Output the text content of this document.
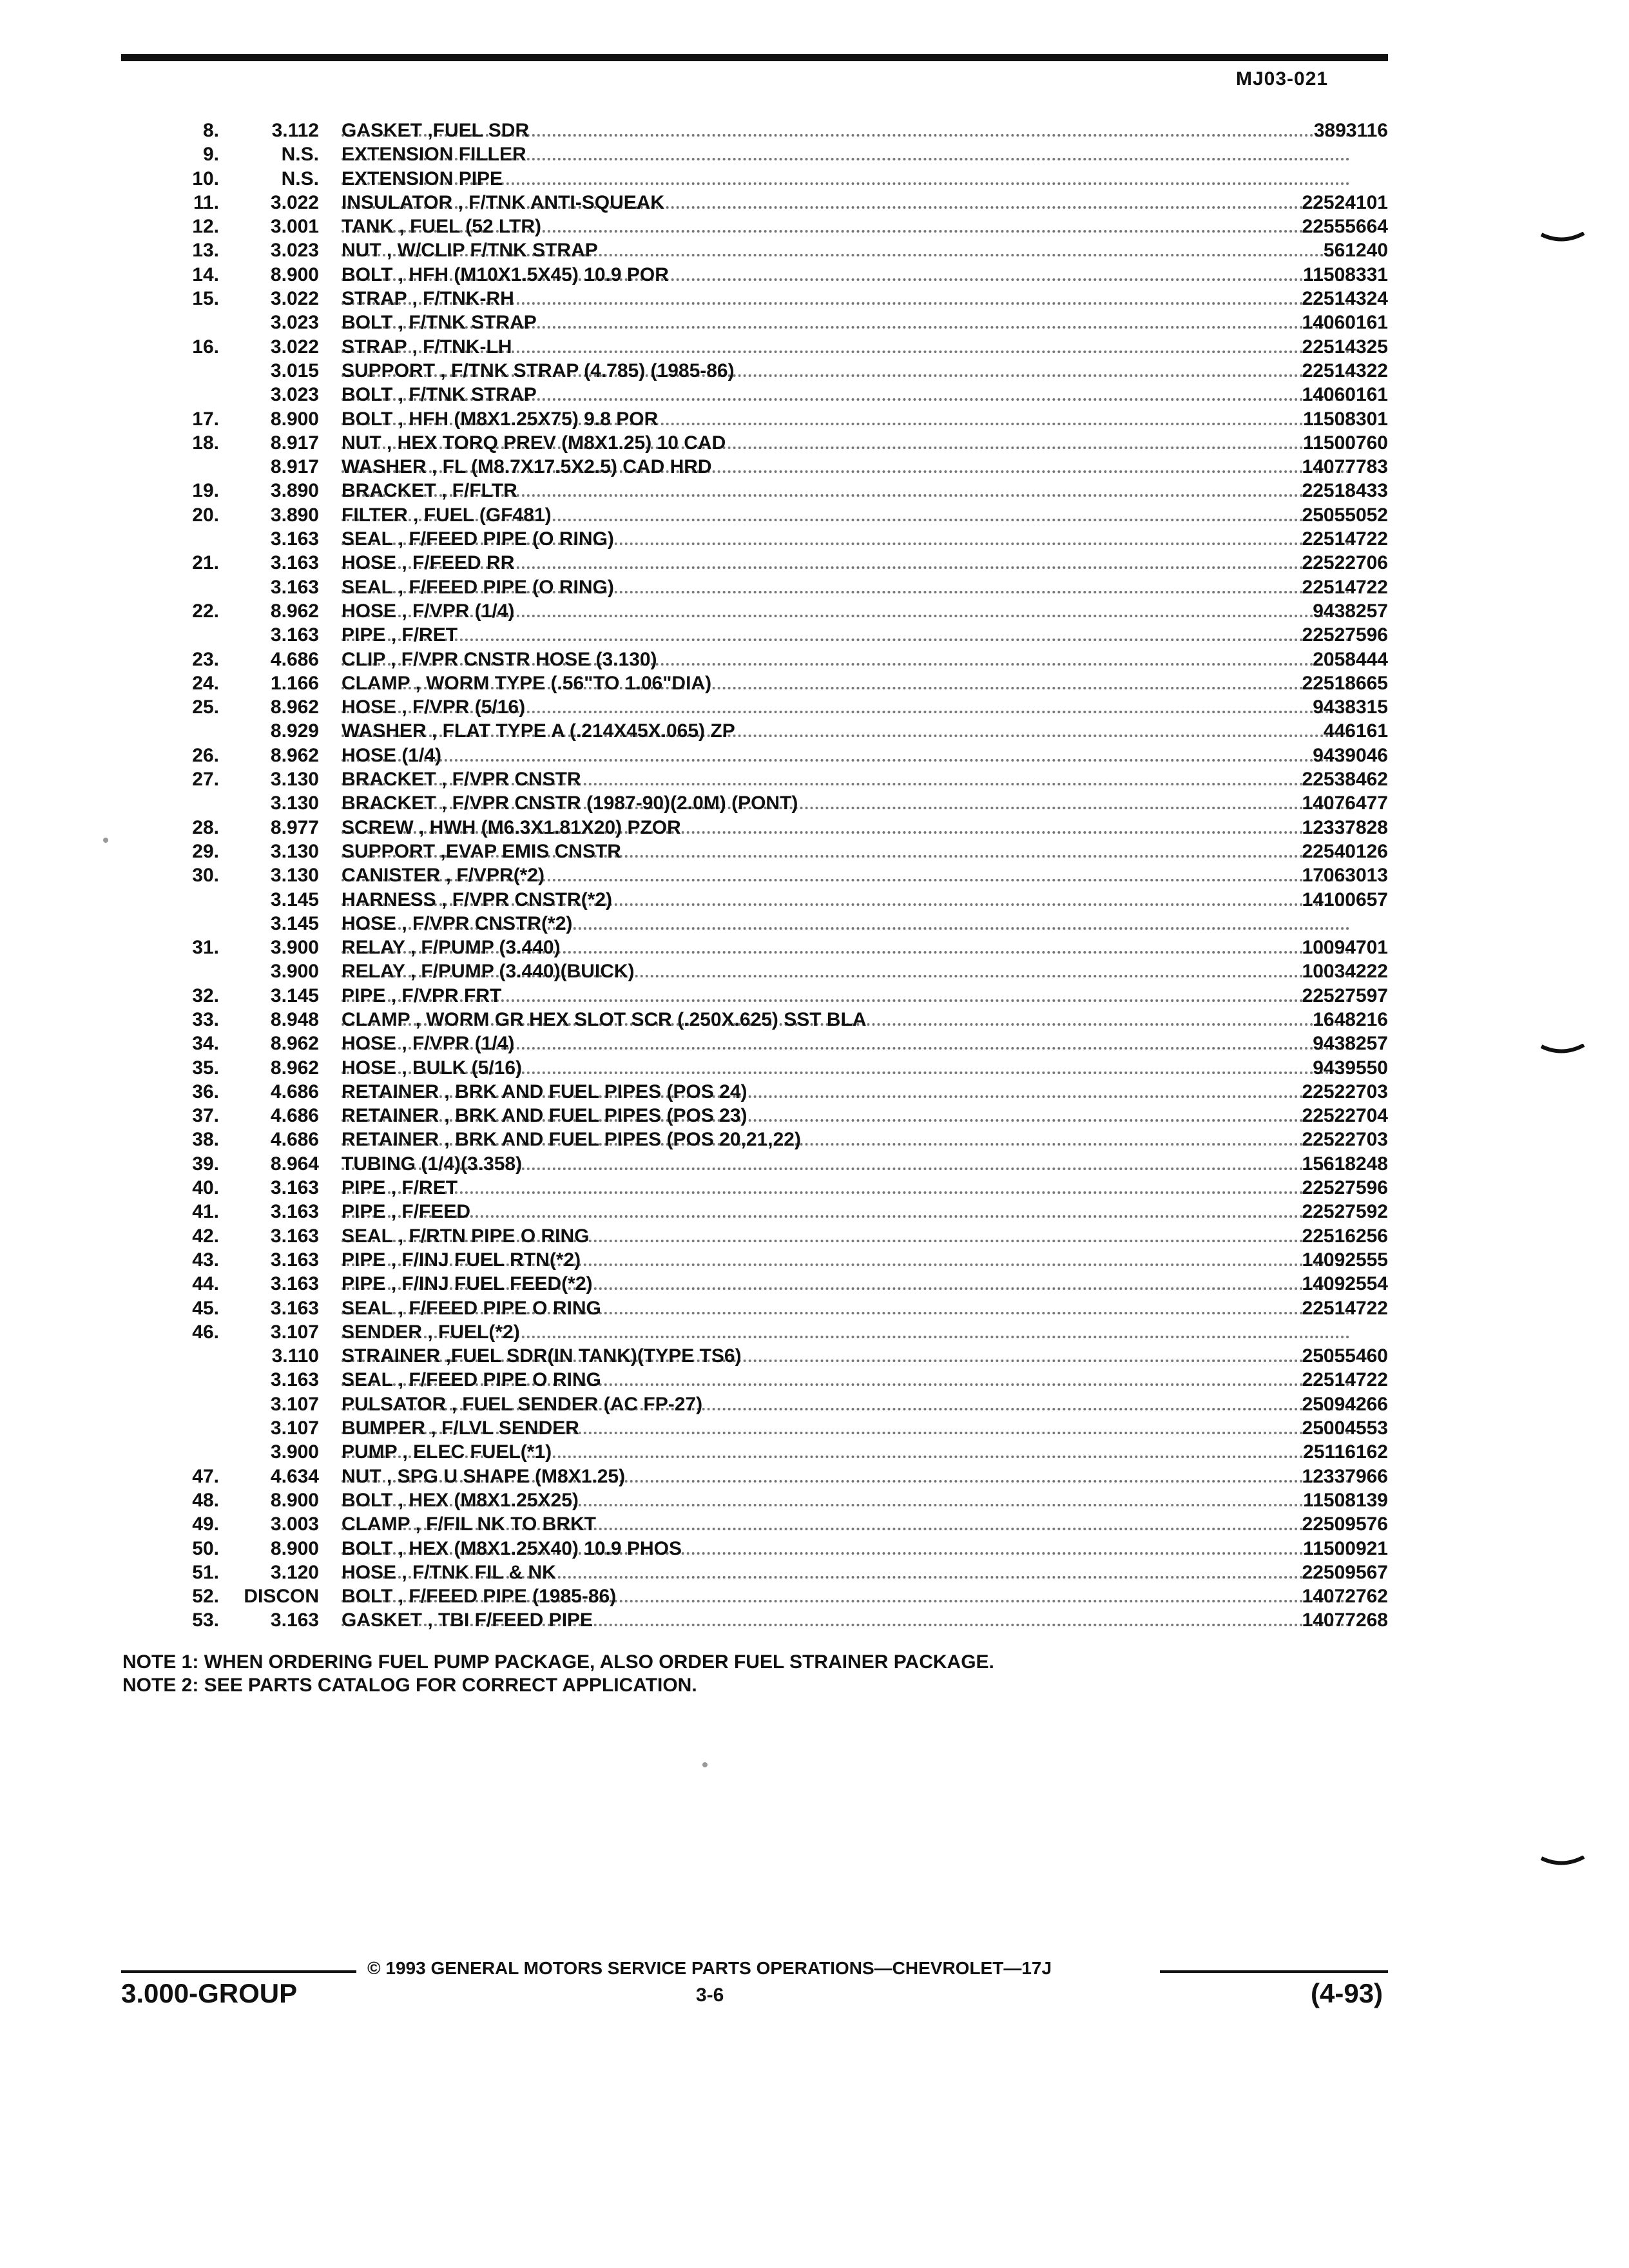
MJ03-021
8.	3.112 GASKET ,FUEL SDR	3893116
9.	N.S. EXTENSION FILLER
10.	N.S. EXTENSION PIPE
11.	3.022 INSULATOR , F/TNK ANTI-SQUEAK	22524101
12.	3.001 TANK , FUEL (52 LTR)	22555664
13.	3.023 NUT , W/CLIP F/TNK STRAP	561240
14.	8.900 BOLT , HFH (M10X1.5X45) 10.9 POR	11508331
15.	3.022 STRAP , F/TNK-RH	22514324
3.023 BOLT , F/TNK STRAP	14060161
16.	3.022 STRAP , F/TNK-LH	22514325
3.015 SUPPORT , F/TNK STRAP (4.785) (1985-86)	22514322
3.023 BOLT , F/TNK STRAP	14060161
17.	8.900 BOLT , HFH (M8X1.25X75) 9.8 POR	11508301
18.	8.917 NUT , HEX TORQ PREV (M8X1.25) 10 CAD	11500760
8.917 WASHER , FL (M8.7X17.5X2.5) CAD HRD	14077783
19.	3.890 BRACKET , F/FLTR	22518433
20.	3.890 FILTER , FUEL (GF481)	25055052
3.163 SEAL , F/FEED PIPE (O RING)	22514722
21.	3.163 HOSE , F/FEED RR	22522706
3.163 SEAL , F/FEED PIPE (O RING)	22514722
22.	8.962 HOSE , F/VPR (1/4)	9438257
3.163 PIPE , F/RET	22527596
23.	4.686 CLIP , F/VPR CNSTR HOSE (3.130)	2058444
24.	1.166 CLAMP , WORM TYPE (.56"TO 1.06"DIA)	22518665
25.	8.962 HOSE , F/VPR (5/16)	9438315
8.929 WASHER , FLAT TYPE A (.214X45X.065) ZP	446161
26.	8.962 HOSE (1/4)	9439046
27.	3.130 BRACKET , F/VPR CNSTR	22538462
3.130 BRACKET , F/VPR CNSTR (1987-90)(2.0M) (PONT)	14076477
28.	8.977 SCREW , HWH (M6.3X1.81X20) PZOR	12337828
29.	3.130 SUPPORT ,EVAP EMIS CNSTR	22540126
30.	3.130 CANISTER , F/VPR(*2)	17063013
3.145 HARNESS , F/VPR CNSTR(*2)	14100657
3.145 HOSE , F/VPR CNSTR(*2)
31.	3.900 RELAY , F/PUMP (3.440)	10094701
3.900 RELAY , F/PUMP (3.440)(BUICK)	10034222
32.	3.145 PIPE , F/VPR FRT	22527597
33.	8.948 CLAMP , WORM GR HEX SLOT SCR (.250X.625) SST BLA	1648216
34.	8.962 HOSE , F/VPR (1/4)	9438257
35.	8.962 HOSE , BULK (5/16)	9439550
36.	4.686 RETAINER , BRK AND FUEL PIPES (POS 24)	22522703
37.	4.686 RETAINER , BRK AND FUEL PIPES (POS 23)	22522704
38.	4.686 RETAINER , BRK AND FUEL PIPES (POS 20,21,22)	22522703
39.	8.964 TUBING (1/4)(3.358)	15618248
40.	3.163 PIPE , F/RET	22527596
41.	3.163 PIPE , F/FEED	22527592
42.	3.163 SEAL , F/RTN PIPE O RING	22516256
43.	3.163 PIPE , F/INJ FUEL RTN(*2)	14092555
44.	3.163 PIPE , F/INJ FUEL FEED(*2)	14092554
45.	3.163 SEAL , F/FEED PIPE O RING	22514722
46.	3.107 SENDER , FUEL(*2)
3.110 STRAINER ,FUEL SDR(IN TANK)(TYPE TS6)	25055460
3.163 SEAL , F/FEED PIPE O RING	22514722
3.107 PULSATOR , FUEL SENDER (AC FP-27)	25094266
3.107 BUMPER , F/LVL SENDER	25004553
3.900 PUMP , ELEC FUEL(*1)	25116162
47.	4.634 NUT , SPG U SHAPE (M8X1.25)	12337966
48.	8.900 BOLT , HEX (M8X1.25X25)	11508139
49.	3.003 CLAMP , F/FIL NK TO BRKT	22509576
50.	8.900 BOLT , HEX (M8X1.25X40) 10.9 PHOS	11500921
51.	3.120 HOSE , F/TNK FIL & NK	22509567
52.	DISCON BOLT , F/FEED PIPE (1985-86)	14072762
53.	3.163 GASKET , TBI F/FEED PIPE	14077268
NOTE 1: WHEN ORDERING FUEL PUMP PACKAGE, ALSO ORDER FUEL STRAINER PACKAGE.
NOTE 2: SEE PARTS CATALOG FOR CORRECT APPLICATION.
© 1993 GENERAL MOTORS SERVICE PARTS OPERATIONS—CHEVROLET—17J
3.000-GROUP	3-6	(4-93)
